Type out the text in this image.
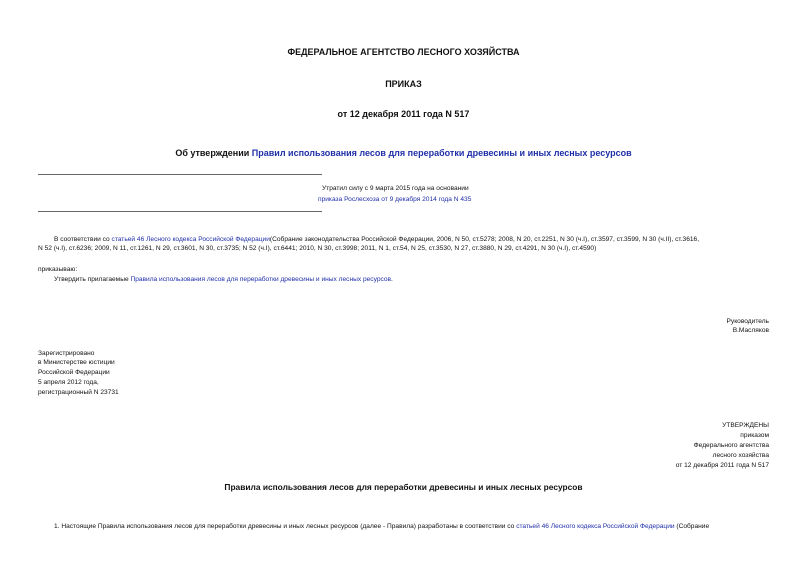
ФЕДЕРАЛЬНОЕ АГЕНТСТВО ЛЕСНОГО ХОЗЯЙСТВА
ПРИКАЗ
от 12 декабря 2011 года N 517
Об утверждении Правил использования лесов для переработки древесины и иных лесных ресурсов
Утратил силу с 9 марта 2015 года на основании
приказа Рослесхоза от 9 декабря 2014 года N 435
В соответствии со статьей 46 Лесного кодекса Российской Федерации(Собрание законодательства Российской Федерации, 2006, N 50, ст.5278; 2008, N 20, ст.2251, N 30 (ч.I), ст.3597, ст.3599, N 30 (ч.II), ст.3616,
N 52 (ч.I), ст.6236; 2009, N 11, ст.1261, N 29, ст.3601, N 30, ст.3735; N 52 (ч.I), ст.6441; 2010, N 30, ст.3998; 2011, N 1, ст.54, N 25, ст.3530, N 27, ст.3880, N 29, ст.4291, N 30 (ч.I), ст.4590)
приказываю:
Утвердить прилагаемые Правила использования лесов для переработки древесины и иных лесных ресурсов.
Руководитель
В.Масляков
Зарегистрировано
в Министерстве юстиции
Российской Федерации
5 апреля 2012 года,
регистрационный N 23731
УТВЕРЖДЕНЫ
приказом
Федерального агентства
лесного хозяйства
от 12 декабря 2011 года N 517
Правила использования лесов для переработки древесины и иных лесных ресурсов
1. Настоящие Правила использования лесов для переработки древесины и иных лесных ресурсов (далее - Правила) разработаны в соответствии со статьей 46 Лесного кодекса Российской Федерации (Собрание
